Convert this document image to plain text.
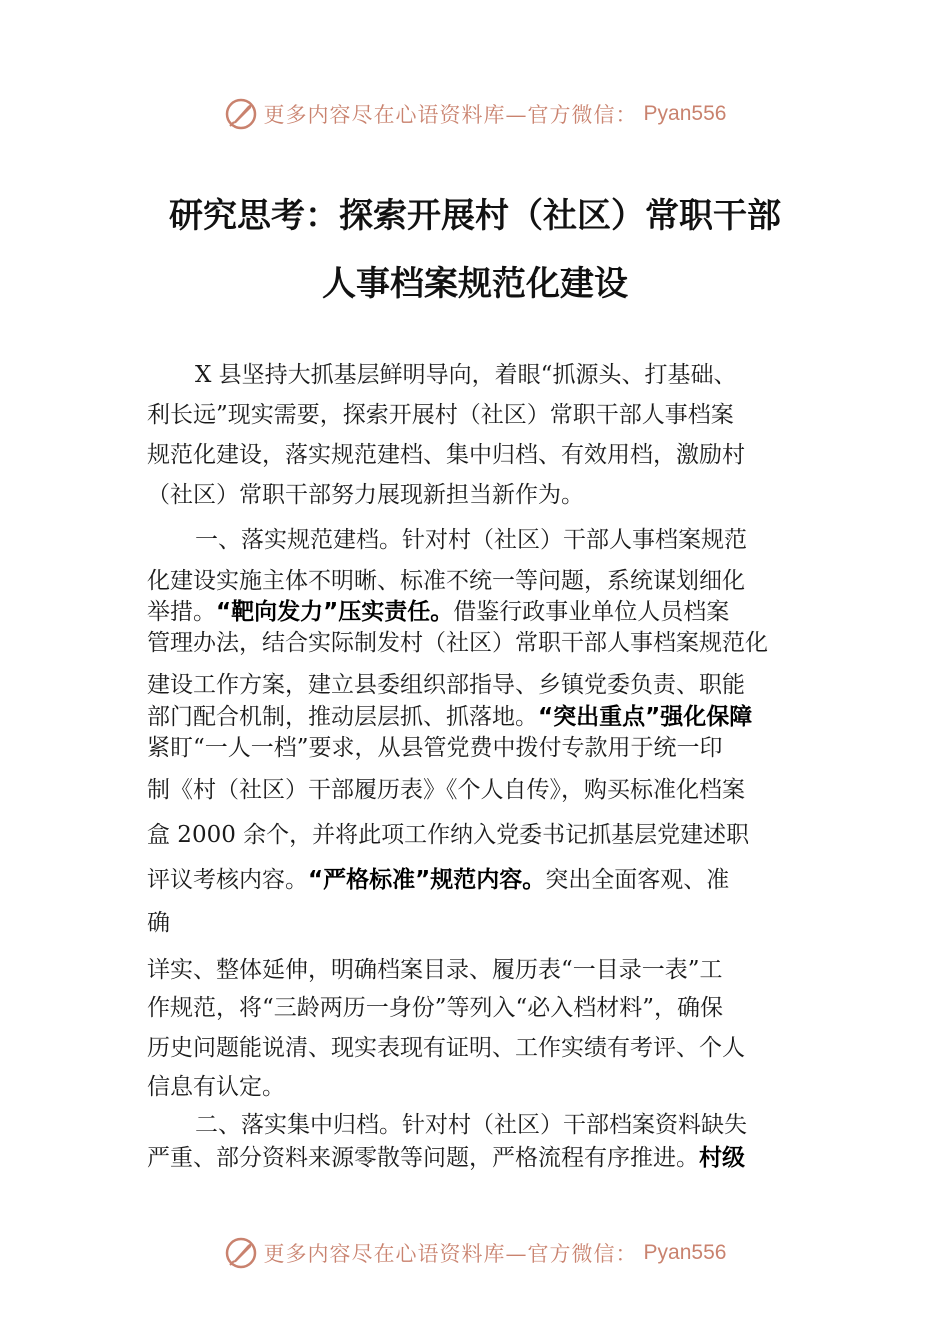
更多内容尽在心语资料库—官方微信： Pyan556
研究思考：探索开展村（社区）常职干部
人事档案规范化建设
X 县坚持大抓基层鲜明导向，着眼“抓源头、打基础、
利长远”现实需要，探索开展村（社区）常职干部人事档案
规范化建设，落实规范建档、集中归档、有效用档，激励村
（社区）常职干部努力展现新担当新作为。
一、落实规范建档。针对村（社区）干部人事档案规范
化建设实施主体不明晰、标准不统一等问题，系统谋划细化
举措。“靶向发力”压实责任。借鉴行政事业单位人员档案
管理办法，结合实际制发村（社区）常职干部人事档案规范化
建设工作方案，建立县委组织部指导、乡镇党委负责、职能
部门配合机制，推动层层抓、抓落地。“突出重点”强化保障
紧盯“一人一档”要求，从县管党费中拨付专款用于统一印
制《村（社区）干部履历表》《个人自传》，购买标准化档案
盒 2000 余个，并将此项工作纳入党委书记抓基层党建述职
评议考核内容。“严格标准”规范内容。突出全面客观、准
确
详实、整体延伸，明确档案目录、履历表“一目录一表”工
作规范，将“三龄两历一身份”等列入“必入档材料”，确保
历史问题能说清、现实表现有证明、工作实绩有考评、个人
信息有认定。
二、落实集中归档。针对村（社区）干部档案资料缺失
严重、部分资料来源零散等问题，严格流程有序推进。村级
更多内容尽在心语资料库—官方微信： Pyan556
